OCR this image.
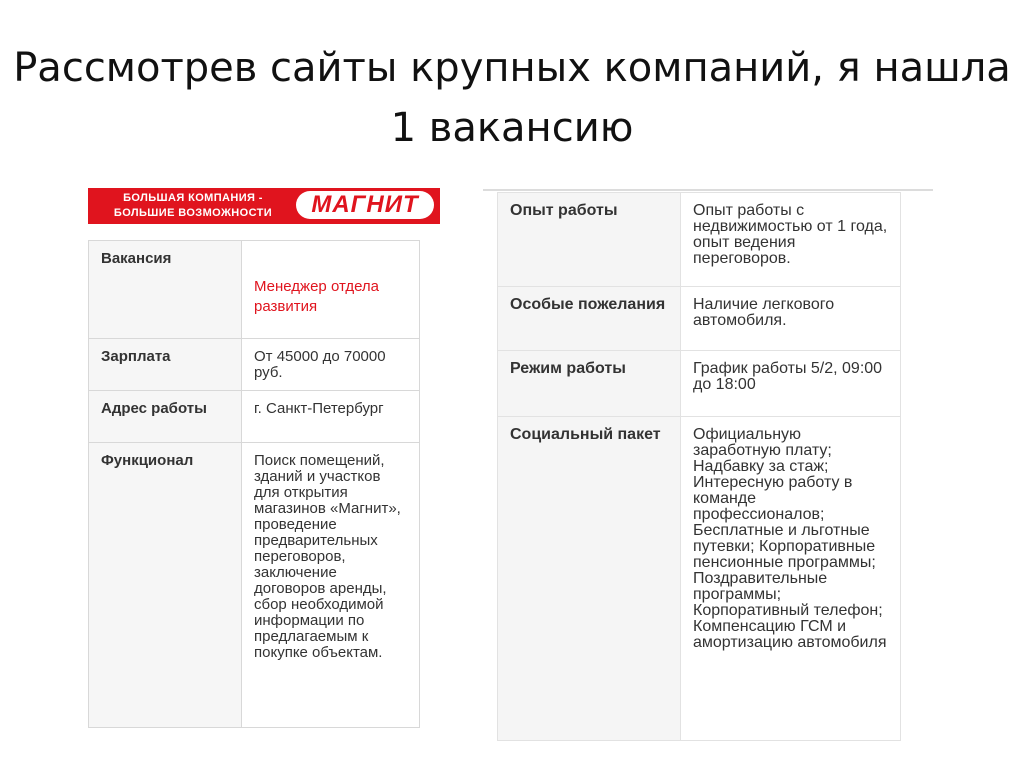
Рассмотрев сайты крупных компаний, я нашла 1 вакансию
БОЛЬШАЯ КОМПАНИЯ -
БОЛЬШИЕ ВОЗМОЖНОСТИ	МАГНИТ
Вакансия	Менеджер отдела развития
Зарплата	От 45000 до 70000 руб.
Адрес работы	г. Санкт-Петербург
Функционал	Поиск помещений, зданий и участков для открытия магазинов «Магнит», проведение предварительных переговоров, заключение договоров аренды, сбор необходимой информации по предлагаемым к покупке объектам.
Опыт работы	Опыт работы с недвижимостью от 1 года, опыт ведения переговоров.
Особые пожелания	Наличие легкового автомобиля.
Режим работы	График работы 5/2, 09:00 до 18:00
Социальный пакет	Официальную заработную плату; Надбавку за стаж; Интересную работу в команде профессионалов; Бесплатные и льготные путевки; Корпоративные пенсионные программы; Поздравительные программы; Корпоративный телефон; Компенсацию ГСМ и амортизацию автомобиля
